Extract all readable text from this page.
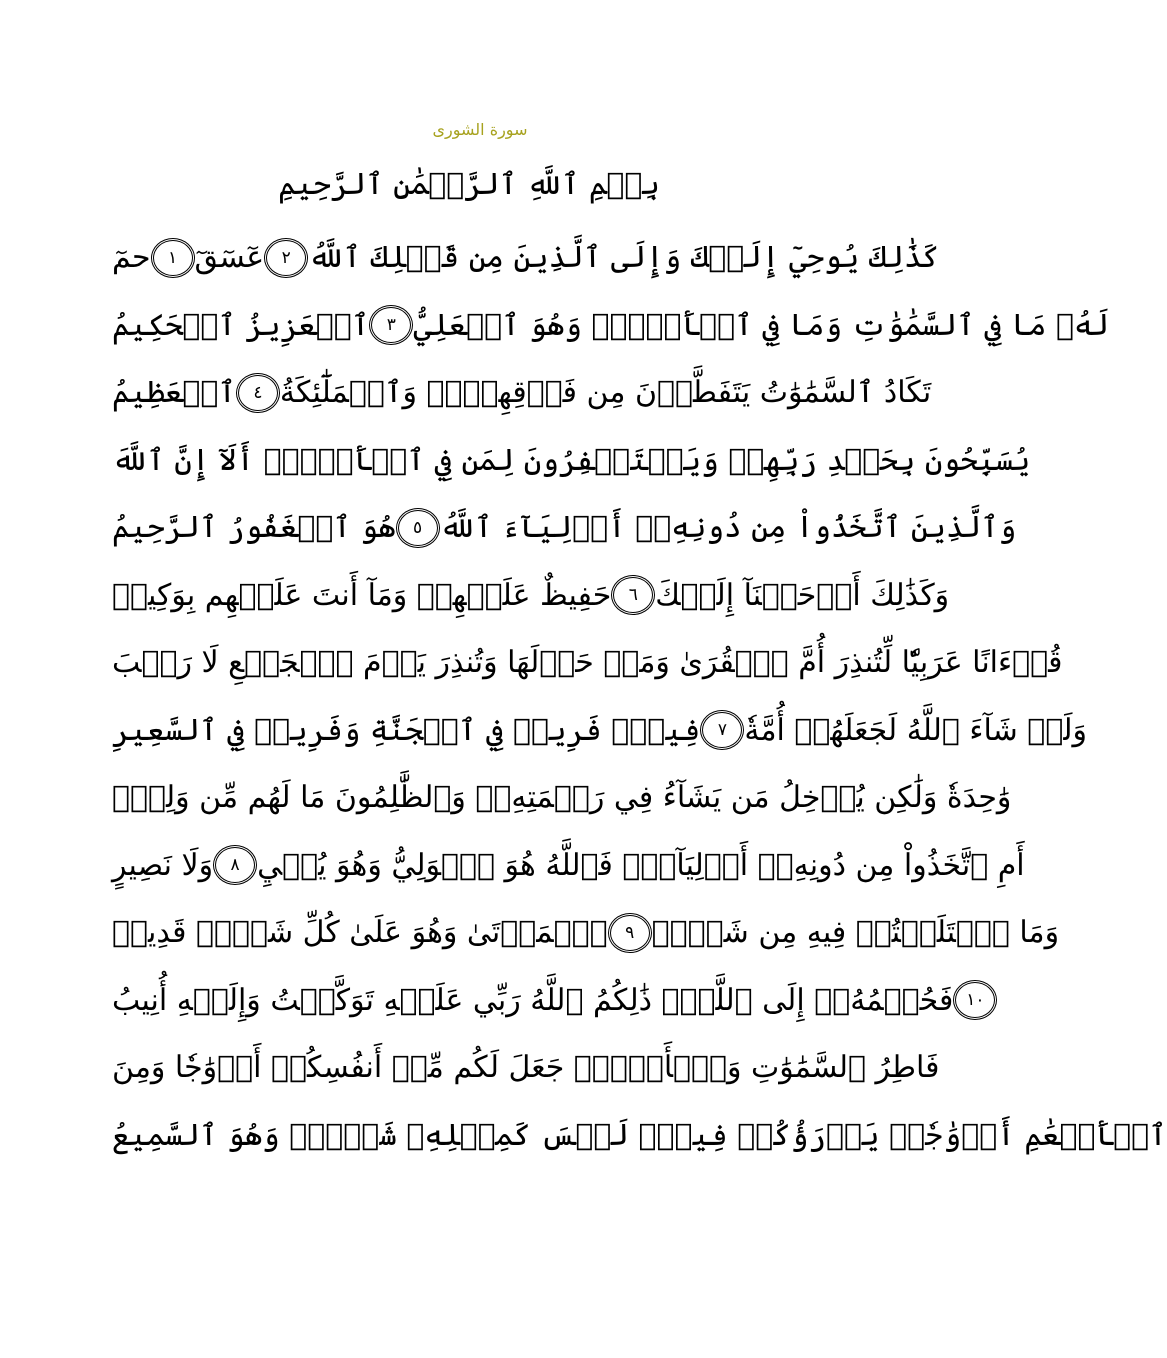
سورة الشورى
بِسۡمِ ٱللَّهِ ٱلرَّحۡمَٰنِ ٱلرَّحِيمِ
حمٓ	١ عٓسٓقٓ	٢ كَذَٰلِكَ يُوحِيٓ إِلَيۡكَ وَإِلَى ٱلَّذِينَ مِن قَبۡلِكَ ٱللَّهُ
ٱلۡعَزِيزُ ٱلۡحَكِيمُ	٣ لَهُۥ مَا فِي ٱلسَّمَٰوَٰتِ وَمَا فِي ٱلۡأَرۡضِۖ وَهُوَ ٱلۡعَلِيُّ
ٱلۡعَظِيمُ	٤ تَكَادُ ٱلسَّمَٰوَٰتُ يَتَفَطَّرۡنَ مِن فَوۡقِهِنَّۚ وَٱلۡمَلَٰٓئِكَةُ
يُسَبِّحُونَ بِحَمۡدِ رَبِّهِمۡ وَيَسۡتَغۡفِرُونَ لِمَن فِي ٱلۡأَرۡضِۗ أَلَآ إِنَّ ٱللَّهَ
هُوَ ٱلۡغَفُورُ ٱلرَّحِيمُ	٥ وَٱلَّذِينَ ٱتَّخَذُواْ مِن دُونِهِۦٓ أَوۡلِيَآءَ ٱللَّهُ
حَفِيظٌ عَلَيۡهِمۡ وَمَآ أَنتَ عَلَيۡهِم بِوَكِيلٖ	٦ وَكَذَٰلِكَ أَوۡحَيۡنَآ إِلَيۡكَ
قُرۡءَانًا عَرَبِيّٗا لِّتُنذِرَ أُمَّ ٱلۡقُرَىٰ وَمَنۡ حَوۡلَهَا وَتُنذِرَ يَوۡمَ ٱلۡجَمۡعِ لَا رَيۡبَ
فِيهِۚ فَرِيقٞ فِي ٱلۡجَنَّةِ وَفَرِيقٞ فِي ٱلسَّعِيرِ	٧ وَلَوۡ شَآءَ ٱللَّهُ لَجَعَلَهُمۡ أُمَّةٗ
وَٰحِدَةٗ وَلَٰكِن يُدۡخِلُ مَن يَشَآءُ فِي رَحۡمَتِهِۦۚ وَٱلظَّٰلِمُونَ مَا لَهُم مِّن وَلِيّٖ
وَلَا نَصِيرٍ	٨ أَمِ ٱتَّخَذُواْ مِن دُونِهِۦٓ أَوۡلِيَآءَۖ فَٱللَّهُ هُوَ ٱلۡوَلِيُّ وَهُوَ يُحۡيِ
ٱلۡمَوۡتَىٰ وَهُوَ عَلَىٰ كُلِّ شَيۡءٖ قَدِيرٞ	٩ وَمَا ٱخۡتَلَفۡتُمۡ فِيهِ مِن شَيۡءٖ
فَحُكۡمُهُۥٓ إِلَى ٱللَّهِۚ ذَٰلِكُمُ ٱللَّهُ رَبِّي عَلَيۡهِ تَوَكَّلۡتُ وَإِلَيۡهِ أُنِيبُ ١٠
فَاطِرُ ٱلسَّمَٰوَٰتِ وَٱلۡأَرۡضِۚ جَعَلَ لَكُم مِّنۡ أَنفُسِكُمۡ أَزۡوَٰجٗا وَمِنَ
ٱلۡأَنۡعَٰمِ أَزۡوَٰجٗاۖ يَذۡرَؤُكُمۡ فِيهِۚ لَيۡسَ كَمِثۡلِهِۦ شَيۡءٞۖ وَهُوَ ٱلسَّمِيعُ
